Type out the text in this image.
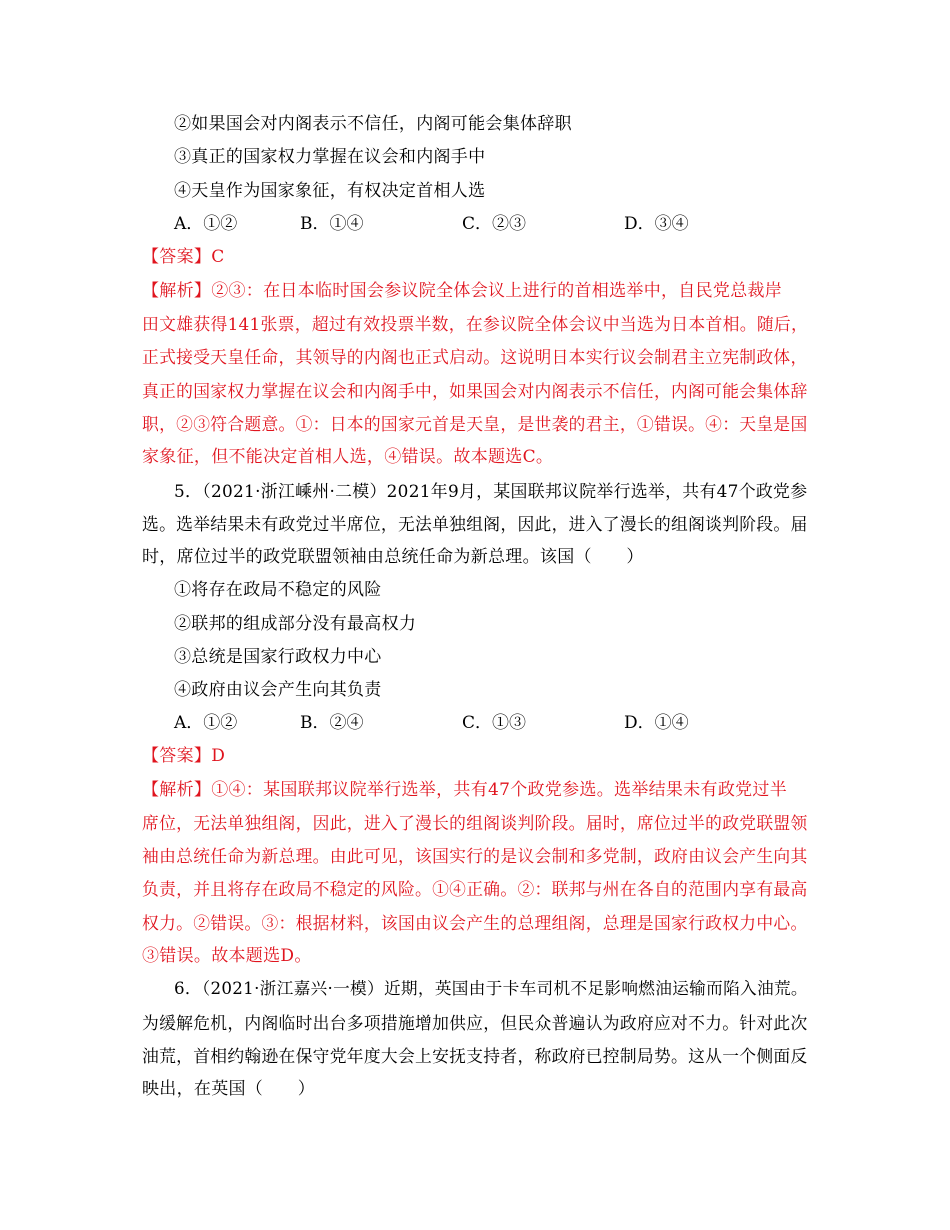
②如果国会对内阁表示不信任，内阁可能会集体辞职
③真正的国家权力掌握在议会和内阁手中
④天皇作为国家象征，有权决定首相人选
A．①②	B．①④	C．②③	D．③④
【答案】C
【解析】②③：在日本临时国会参议院全体会议上进行的首相选举中，自民党总裁岸
田文雄获得141张票，超过有效投票半数，在参议院全体会议中当选为日本首相。随后，
正式接受天皇任命，其领导的内阁也正式启动。这说明日本实行议会制君主立宪制政体，
真正的国家权力掌握在议会和内阁手中，如果国会对内阁表示不信任，内阁可能会集体辞
职，②③符合题意。①：日本的国家元首是天皇，是世袭的君主，①错误。④：天皇是国
家象征，但不能决定首相人选，④错误。故本题选C。
5．（2021·浙江嵊州·二模）2021年9月，某国联邦议院举行选举，共有47个政党参
选。选举结果未有政党过半席位，无法单独组阁，因此，进入了漫长的组阁谈判阶段。届
时，席位过半的政党联盟领袖由总统任命为新总理。该国（　　）
①将存在政局不稳定的风险
②联邦的组成部分没有最高权力
③总统是国家行政权力中心
④政府由议会产生向其负责
A．①②	B．②④	C．①③	D．①④
【答案】D
【解析】①④：某国联邦议院举行选举，共有47个政党参选。选举结果未有政党过半
席位，无法单独组阁，因此，进入了漫长的组阁谈判阶段。届时，席位过半的政党联盟领
袖由总统任命为新总理。由此可见，该国实行的是议会制和多党制，政府由议会产生向其
负责，并且将存在政局不稳定的风险。①④正确。②：联邦与州在各自的范围内享有最高
权力。②错误。③：根据材料，该国由议会产生的总理组阁，总理是国家行政权力中心。
③错误。故本题选D。
6．（2021·浙江嘉兴·一模）近期，英国由于卡车司机不足影响燃油运输而陷入油荒。
为缓解危机，内阁临时出台多项措施增加供应，但民众普遍认为政府应对不力。针对此次
油荒，首相约翰逊在保守党年度大会上安抚支持者，称政府已控制局势。这从一个侧面反
映出，在英国（　　）
